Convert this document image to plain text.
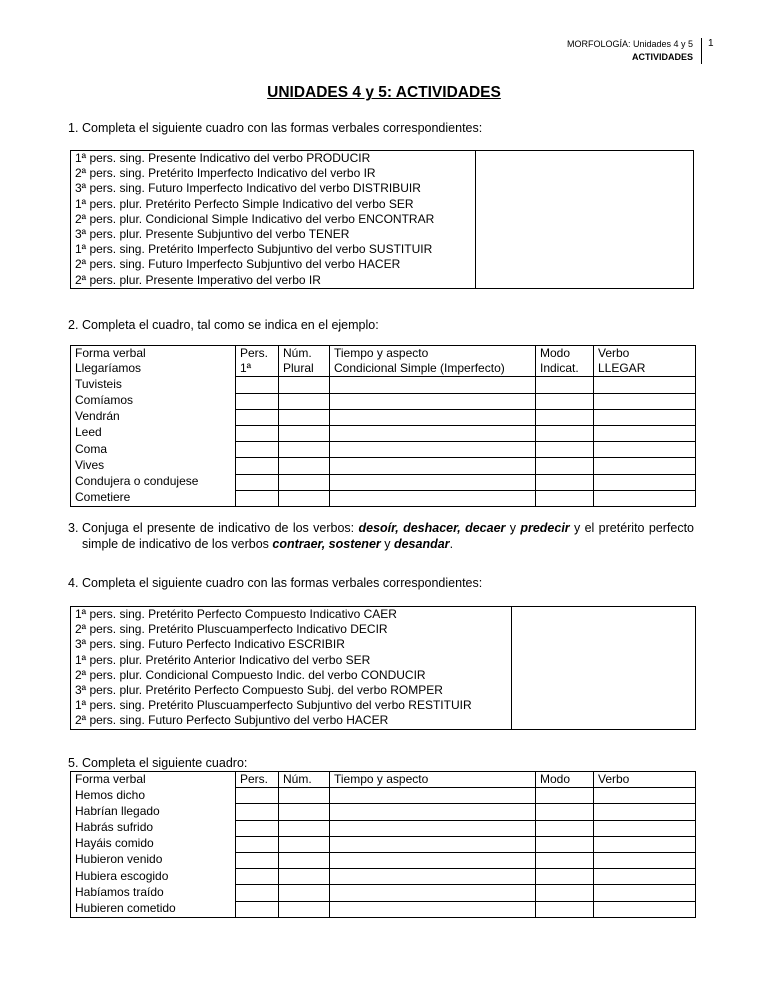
MORFOLOGÍA: Unidades 4 y 5
ACTIVIDADES
1
UNIDADES 4 y 5: ACTIVIDADES
1. Completa el siguiente cuadro con las formas verbales correspondientes:
1ª pers. sing. Presente Indicativo del verbo PRODUCIR	
2ª pers. sing. Pretérito Imperfecto Indicativo del verbo IR	
3ª pers. sing. Futuro Imperfecto Indicativo del verbo DISTRIBUIR	
1ª pers. plur. Pretérito Perfecto Simple Indicativo del verbo SER	
2ª pers. plur. Condicional Simple Indicativo del verbo ENCONTRAR	
3ª pers. plur. Presente Subjuntivo del verbo TENER	
1ª pers. sing. Pretérito Imperfecto Subjuntivo del verbo SUSTITUIR	
2ª pers. sing. Futuro Imperfecto Subjuntivo del verbo HACER	
2ª pers. plur. Presente Imperativo del verbo IR	
2. Completa el cuadro, tal como se indica en el ejemplo:
Forma verbal	Pers.	Núm.	Tiempo y aspecto	Modo	Verbo
Llegaríamos	1ª	Plural	Condicional Simple (Imperfecto)	Indicat.	LLEGAR
Tuvisteis					
Comíamos					
Vendrán					
Leed					
Coma					
Vives					
Condujera o condujese					
Cometiere					
3. Conjuga el presente de indicativo de los verbos: desoír, deshacer, decaer y predecir y el pretérito perfecto simple de indicativo de los verbos contraer, sostener y desandar.
4. Completa el siguiente cuadro con las formas verbales correspondientes:
1ª pers. sing. Pretérito Perfecto Compuesto Indicativo CAER	
2ª pers. sing. Pretérito Pluscuamperfecto Indicativo DECIR	
3ª pers. sing. Futuro Perfecto Indicativo ESCRIBIR	
1ª pers. plur. Pretérito Anterior Indicativo del verbo SER	
2ª pers. plur. Condicional Compuesto Indic. del verbo CONDUCIR	
3ª pers. plur. Pretérito Perfecto Compuesto Subj. del verbo ROMPER	
1ª pers. sing. Pretérito Pluscuamperfecto Subjuntivo del verbo RESTITUIR	
2ª pers. sing. Futuro Perfecto Subjuntivo del verbo HACER	
5. Completa el siguiente cuadro:
Forma verbal	Pers.	Núm.	Tiempo y aspecto	Modo	Verbo
Hemos dicho					
Habrían llegado					
Habrás sufrido					
Hayáis comido					
Hubieron venido					
Hubiera escogido					
Habíamos traído					
Hubieren cometido					
